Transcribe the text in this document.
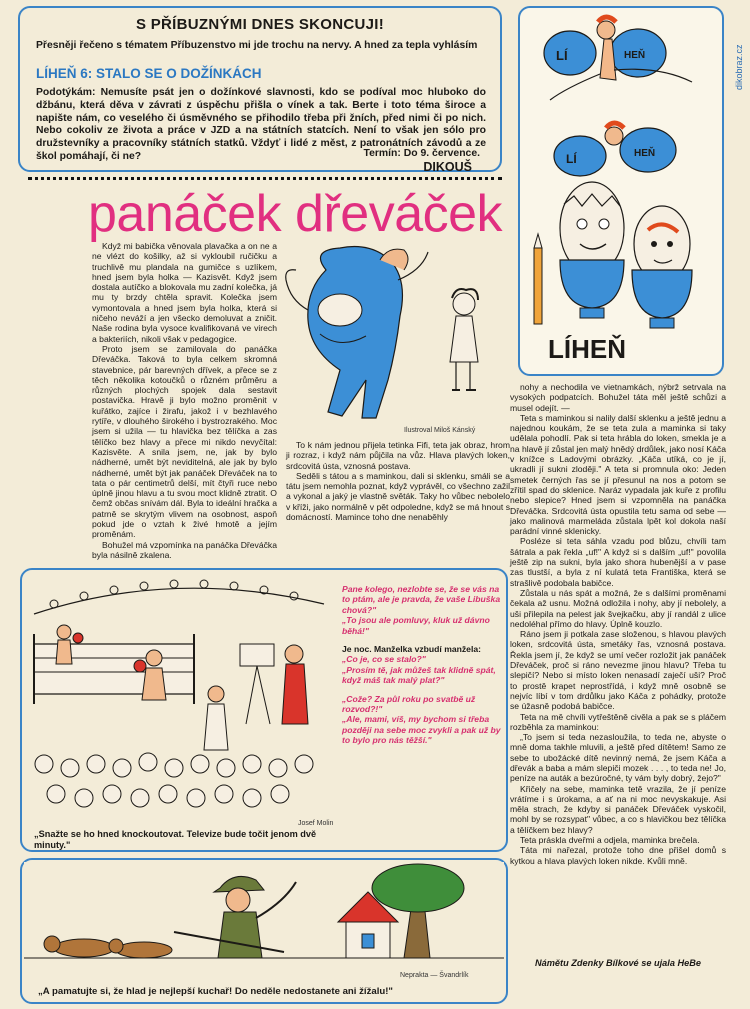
S PŘÍBUZNÝMI DNES SKONCUJI!
Přesněji řečeno s tématem Příbuzenstvo mi jde trochu na nervy. A hned za tepla vyhlásím
LÍHEŇ 6: STALO SE O DOŽÍNKÁCH
Podotýkám: Nemusíte psát jen o dožínkové slavnosti, kdo se podíval moc hluboko do džbánu, která děva v závrati z úspěchu přišla o vínek a tak. Berte i toto téma široce a napište nám, co veselého či úsměvného se přihodilo třeba při žních, před nimi či po nich. Nebo cokoliv ze života a práce v JZD a na státních statcích. Není to však jen sólo pro družstevníky a pracovníky státních statků. Vždyť i lidé z měst, z patronátních závodů a ze škol pomáhají, či ne?	Termín: Do 9. července.
DIKOUŠ
LÍ	HEŇ
LÍ	HEŇ
LÍHEŇ
dikobraz.cz
panáček dřeváček
Ilustroval Miloš Kánský

Když mi babička věnovala plavačka a on ne a ne vlézt do košilky, až si vykloubil ručičku a truchlivě mu plandala na gumičce s uzlíkem, hned jsem byla holka — Kazisvět. Když jsem dostala autíčko a blokovala mu zadní kolečka, já mu ty brzdy chtěla spravit. Kolečka jsem vymontovala a hned jsem byla holka, která si ničeho neváží a jen všecko demoluvat a zničit. Naše rodina byla vysoce kvalifikovaná ve virech a bakteriích, nikoli však v pedagogice.

Proto jsem se zamilovala do panáčka Dřeváčka. Taková to byla celkem skromná stavebnice, pár barevných dřívek, a přece se z těch několika kotoučků o různém průměru a různých plochých spojek dala sestavit postavička. Hravě ji bylo možno proměnit v kuřátko, zajíce i žirafu, jakož i v bezhlavého rytíře, v dlouhého širokého i bystrozrakého. Moc jsem si užila — tu hlavička bez tělíčka a zas tělíčko bez hlavy a přece mi nikdo nevyčítal: Kazisvěte. A snila jsem, ne, jak by bylo nádherné, umět být neviditelná, ale jak by bylo nádherné, umět být jak panáček Dřeváček na to tata o pár centimetrů delší, mít čtyři ruce nebo úplně jinou hlavu a tu svou moct klidně ztratit. O čemž občas snívám dál. Byla to ideální hračka a patrně se skrytým vlivem na osobnost, aspoň pokud jde o vztah k živé hmotě a jejím proměnám.

Bohužel má vzpomínka na panáčka Dřeváčka byla násilně zkalena.

To k nám jednou přijela tetinka Fifi, teta jak obraz, hrom ji rozraz, i když nám půjčila na vůz. Hlava plavých loken, srdcovitá ústa, vznosná postava.

Seděli s tátou a s maminkou, dali si sklenku, smáli se a tátu jsem nemohla poznat, když vyprávěl, co všechno zažil a vykonal a jaký je vlastně světák. Taky ho vůbec nebolelo v kříži, jako normálně v pět odpoledne, když se má hnout s domácností. Mamince toho dne nenaběhly

nohy a nechodila ve vietnamkách, nýbrž setrvala na vysokých podpatcích. Bohužel táta měl ještě schůzi a musel odejít. —

Teta s maminkou si nalily další sklenku a ještě jednu a najednou koukám, že se teta zula a maminka si taky udělala pohodlí. Pak si teta hrábla do loken, smekla je a na hlavě jí zůstal jen malý hnědý drdůlek, jako nosí Káča v knížce s Ladovými obrázky. „Káča utíká, co je jí, ukradli jí sukni zloději." A teta si promnula oko: Jeden smetek černých řas se jí přesunul na nos a potom se zřítil spad do sklenice. Naráz vypadala jak kuře z profilu nebo slepice? Hned jsem si vzpomněla na panáčka Dřeváčka. Srdcovitá ústa opustila tetu sama od sebe — jako malinová marmeláda zůstala lpět kol dokola naší parádní vinné sklenicky.

Posléze si teta sáhla vzadu pod blůzu, chvíli tam šátrala a pak řekla „uf!" A když si s dalším „uf!" povolila ještě zip na sukni, byla jako shora hubenější a v pase zas tlustší, a byla z ní kulatá teta Františka, která se strašlivě podobala babičce.

Zůstala u nás spát a možná, že s dalšími proměnami čekala až usnu. Možná odložila i nohy, aby jí nebolely, a uši přilepila na pelest jak švejkačku, aby jí randál z ulice nedoléhal přímo do hlavy. Úplně kouzlo.

Ráno jsem ji potkala zase složenou, s hlavou plavých loken, srdcovitá ústa, smetáky řas, vznosná postava. Řekla jsem jí, že když se umí večer rozložit jak panáček Dřeváček, proč si ráno nevezme jinou hlavu? Třeba tu slepičí? Nebo si místo loken nenasadí zaječí uši? Proč to prostě krapet neprostřídá, i když mně osobně se nejvíc líbí v tom drdůlku jako Káča z pohádky, protože se úžasně podobá babičce.

Teta na mě chvíli vytřeštěně civěla a pak se s pláčem rozběhla za maminkou:

„To jsem si teda nezasloužila, to teda ne, abyste o mně doma takhle mluvili, a ještě před dítětem! Samo ze sebe to ubožácké dítě nevinný nemá, že jsem Káča a dřevák a baba a mám slepiči mozek . . . , to teda ne! Jo, peníze na auták a bezúročné, ty vám byly dobrý, žejo?"

Křičely na sebe, maminka tetě vrazila, že jí peníze vrátíme i s úrokama, a ať na ni moc nevyskakuje. Asi měla strach, že kdyby si panáček Dřeváček vyskočil, mohl by se rozsypat" vůbec, a co s hlavičkou bez tělíčka a tělíčkem bez hlavy?

Teta práskla dveřmi a odjela, maminka brečela.

Táta mi nařezal, protože toho dne přišel domů s kytkou a hlava plavých loken nikde. Kvůli mně.

Námětu Zdenky Bílkové se ujala HeBe
Pane kolego, nezlobte se, že se vás na to ptám, ale je pravda, že vaše Libuška chová?"
„To jsou ale pomluvy, kluk už dávno běhá!"
Je noc. Manželka vzbudí manžela:
„Co je, co se stalo?"
„Prosím tě, jak můžeš tak klidně spát, když máš tak malý plat?"
„Cože? Za půl roku po svatbě už rozvod?!"
„Ale, mami, víš, my bychom si třeba později na sebe moc zvykli a pak už by to bylo pro nás těžší."
Josef Molin
„Snažte se ho hned knockoutovat. Televize bude točit jenom dvě minuty."
Neprakta — Švandrlík
„A pamatujte si, že hlad je nejlepší kuchař! Do neděle nedostanete ani žížalu!"
